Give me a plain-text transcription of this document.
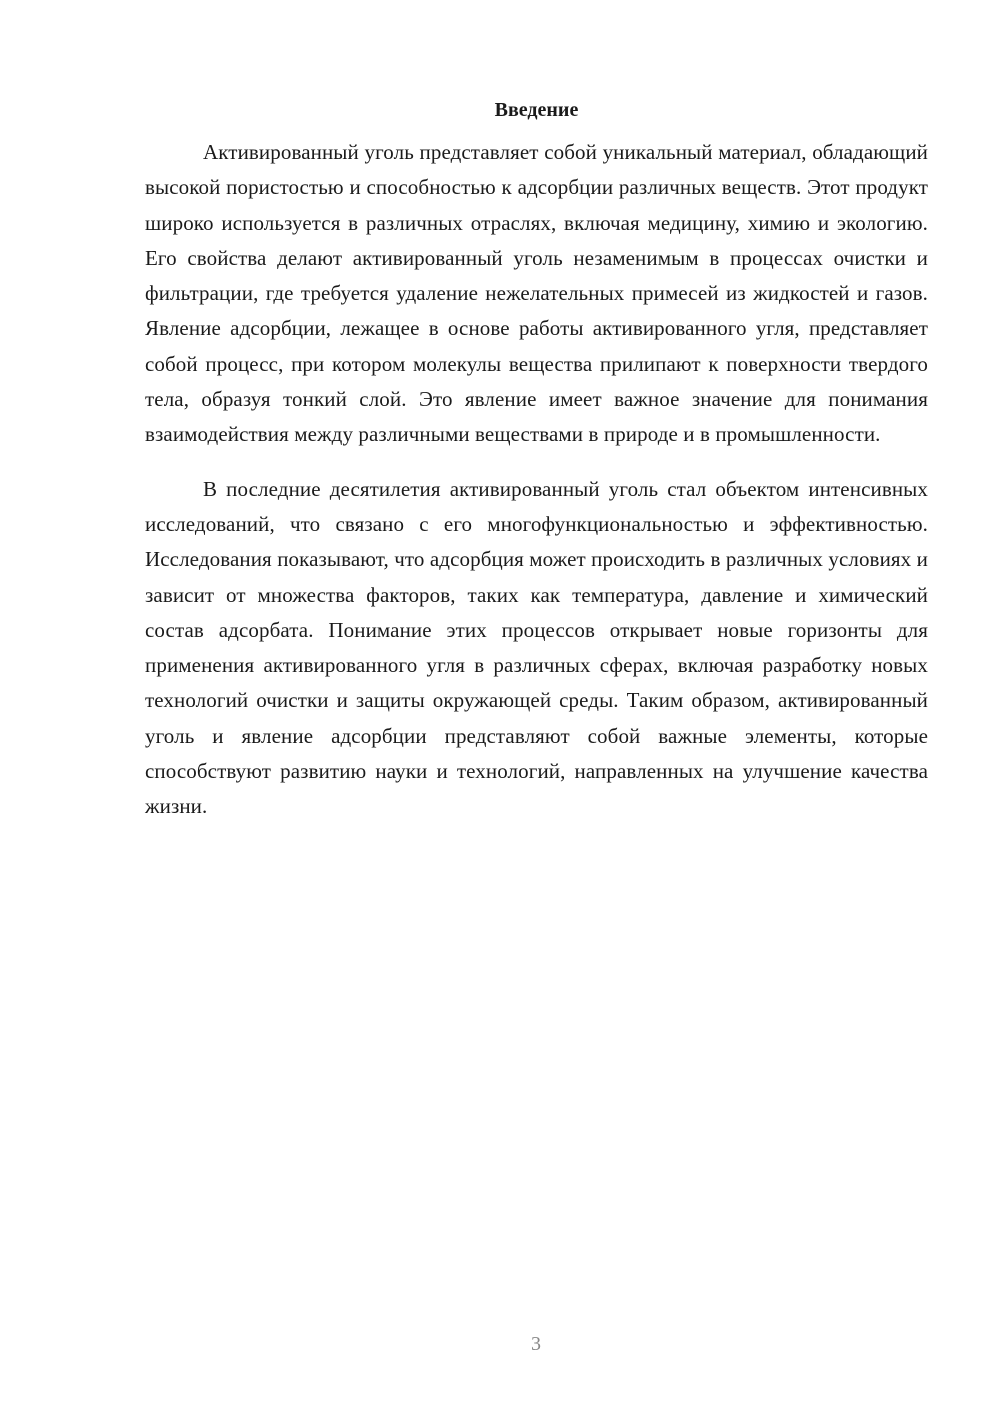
Введение

Активированный уголь представляет собой уникальный материал, обладающий высокой пористостью и способностью к адсорбции различных веществ. Этот продукт широко используется в различных отраслях, включая медицину, химию и экологию. Его свойства делают активированный уголь незаменимым в процессах очистки и фильтрации, где требуется удаление нежелательных примесей из жидкостей и газов. Явление адсорбции, лежащее в основе работы активированного угля, представляет собой процесс, при котором молекулы вещества прилипают к поверхности твердого тела, образуя тонкий слой. Это явление имеет важное значение для понимания взаимодействия между различными веществами в природе и в промышленности.

В последние десятилетия активированный уголь стал объектом интенсивных исследований, что связано с его многофункциональностью и эффективностью. Исследования показывают, что адсорбция может происходить в различных условиях и зависит от множества факторов, таких как температура, давление и химический состав адсорбата. Понимание этих процессов открывает новые горизонты для применения активированного угля в различных сферах, включая разработку новых технологий очистки и защиты окружающей среды. Таким образом, активированный уголь и явление адсорбции представляют собой важные элементы, которые способствуют развитию науки и технологий, направленных на улучшение качества жизни.

3
